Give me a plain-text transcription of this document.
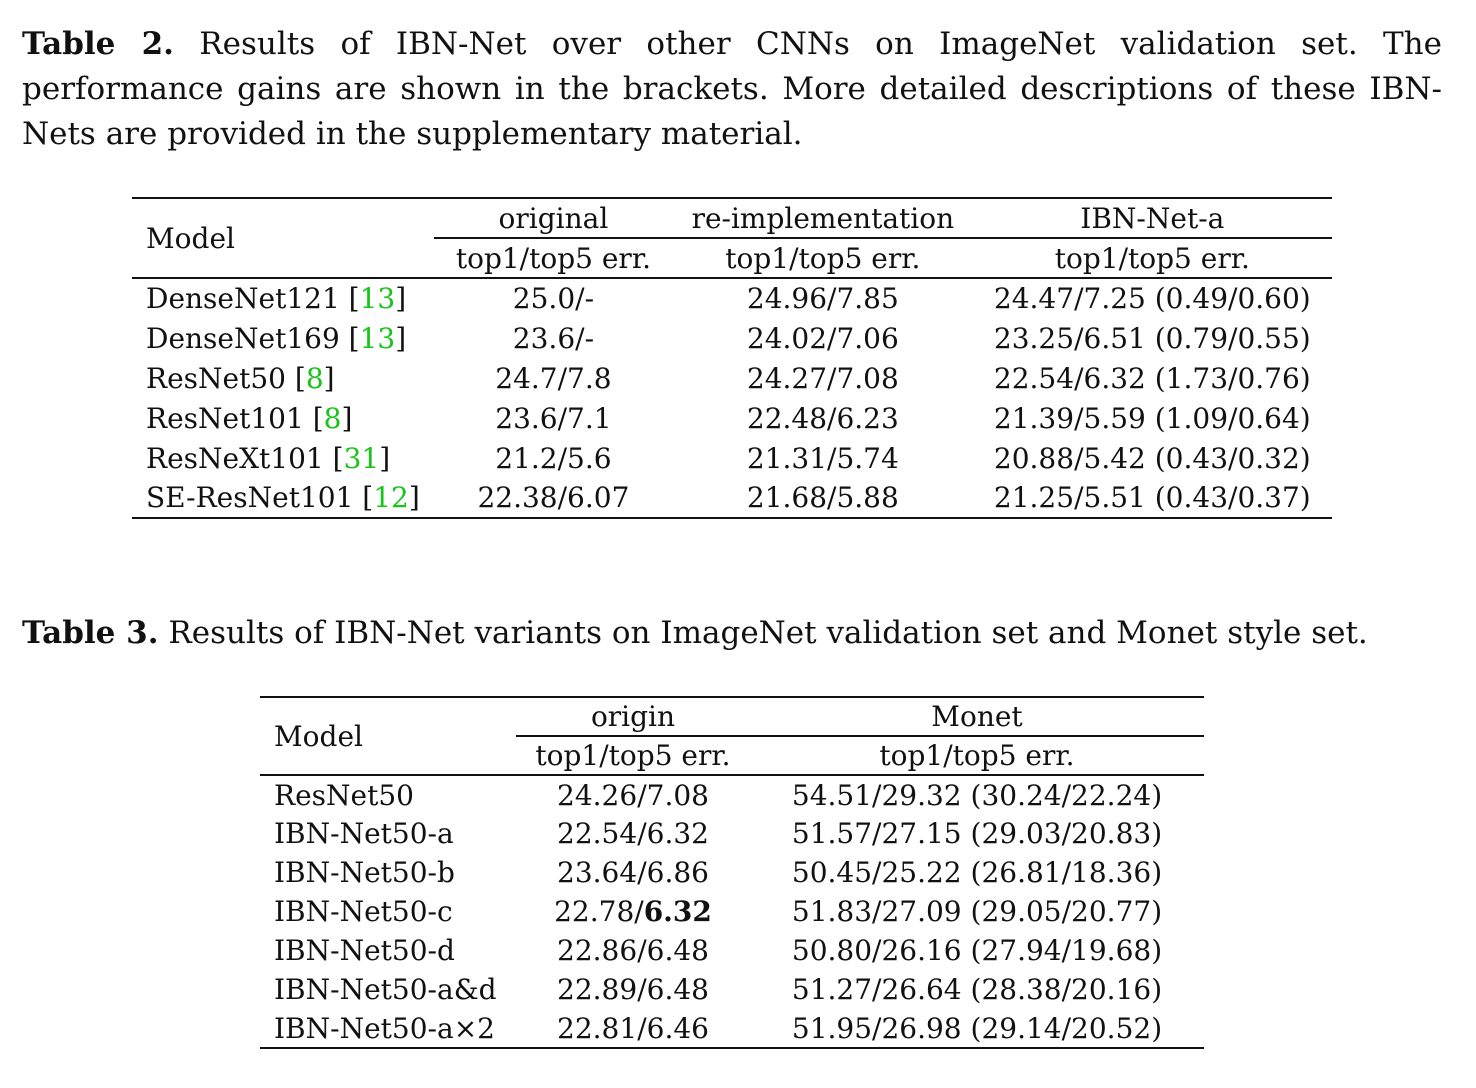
Table 2. Results of IBN-Net over other CNNs on ImageNet validation set. The performance gains are shown in the brackets. More detailed descriptions of these IBN-Nets are provided in the supplementary material.

Model	original	re-implementation	IBN-Net-a
	top1/top5 err.	top1/top5 err.	top1/top5 err.
DenseNet121 [13]	25.0/-	24.96/7.85	24.47/7.25 (0.49/0.60)
DenseNet169 [13]	23.6/-	24.02/7.06	23.25/6.51 (0.79/0.55)
ResNet50 [8]	24.7/7.8	24.27/7.08	22.54/6.32 (1.73/0.76)
ResNet101 [8]	23.6/7.1	22.48/6.23	21.39/5.59 (1.09/0.64)
ResNeXt101 [31]	21.2/5.6	21.31/5.74	20.88/5.42 (0.43/0.32)
SE-ResNet101 [12]	22.38/6.07	21.68/5.88	21.25/5.51 (0.43/0.37)

Table 3. Results of IBN-Net variants on ImageNet validation set and Monet style set.

Model	origin	Monet
	top1/top5 err.	top1/top5 err.
ResNet50	24.26/7.08	54.51/29.32 (30.24/22.24)
IBN-Net50-a	22.54/6.32	51.57/27.15 (29.03/20.83)
IBN-Net50-b	23.64/6.86	50.45/25.22 (26.81/18.36)
IBN-Net50-c	22.78/6.32	51.83/27.09 (29.05/20.77)
IBN-Net50-d	22.86/6.48	50.80/26.16 (27.94/19.68)
IBN-Net50-a&d	22.89/6.48	51.27/26.64 (28.38/20.16)
IBN-Net50-a×2	22.81/6.46	51.95/26.98 (29.14/20.52)
